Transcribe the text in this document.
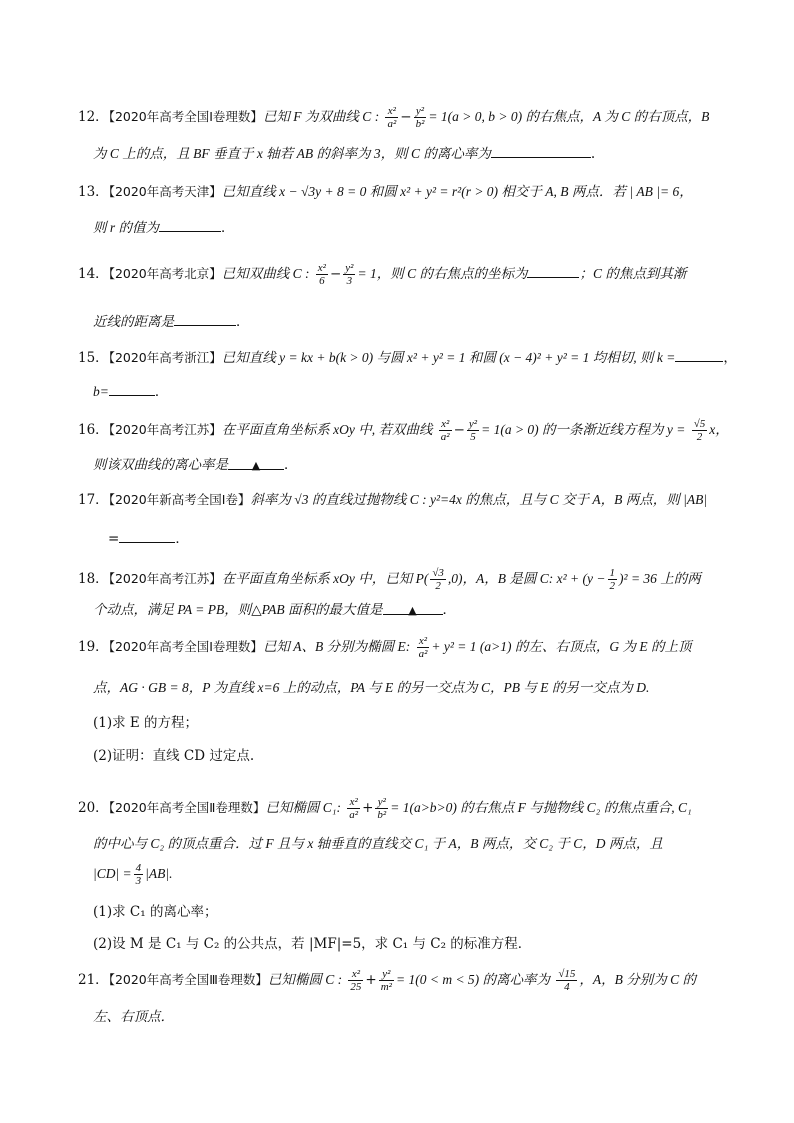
12．【2020年高考全国Ⅰ卷理数】已知 F 为双曲线 C : $\frac{\text{x²}}{\text{a²}} - \frac{\text{y²}}{\text{b²}} = 1(a > 0$, b > 0) 的右焦点，A 为 C 的右顶点，B
为 C 上的点，且 BF 垂直于 x 轴若 AB 的斜率为 3，则 C 的离心率为	.
13．【2020年高考天津】已知直线 x − √3y + 8 = 0 和圆 x² + y² = r²(r > 0) 相交于 A, B 两点．若 | AB |= 6，
则 r 的值为	．
14．【2020年高考北京】已知双曲线 C : $\frac{\text{x²}}{6} - \frac{\text{y²}}{3} = 1$，则 C 的右焦点的坐标为	；C 的焦点到其渐
近线的距离是	．
15．【2020年高考浙江】已知直线 y = kx + b(k > 0) 与圆 x² + y² = 1 和圆 (x − 4)² + y² = 1 均相切, 则 k =	，
b=	．
16．【2020年高考江苏】在平面直角坐标系 xOy 中, 若双曲线 $\frac{\text{x²}}{\text{a²}} - \frac{\text{y²}}{5} = 1(a > 0)$ 的一条渐近线方程为 $y = \frac{√5}{2}$ x，
则该双曲线的离心率是 ▲ ．
17．【2020年新高考全国Ⅰ卷】斜率为 √3 的直线过抛物线 C : y²=4x 的焦点，且与 C 交于 A，B 两点，则 |AB|
=	．
18．【2020年高考江苏】在平面直角坐标系 xOy 中，已知 $P( \frac{√3}{2} ,0)$，A，B 是圆 C: $x^2 + (y - \frac{1}{2} )^2 = 36$ 上的两
个动点，满足 PA = PB，则△PAB 面积的最大值是 ▲ ．
19．【2020年高考全国Ⅰ卷理数】已知 A、B 分别为椭圆 E: $\frac{\text{x²}}{\text{a²}} + y^2 = 1$ (a>1) 的左、右顶点，G 为 E 的上顶
点，AG · GB = 8，P 为直线 x=6 上的动点，PA 与 E 的另一交点为 C，PB 与 E 的另一交点为 D.
(1)求 E 的方程；
(2)证明：直线 CD 过定点.
20．【2020年高考全国Ⅱ卷理数】已知椭圆 C₁: $\frac{\text{x²}}{\text{a²}} + \frac{\text{y²}}{\text{b²}} = 1(a>b>0)$ 的右焦点 F 与抛物线 C₂ 的焦点重合, C₁
的中心与 C₂ 的顶点重合．过 F 且与 x 轴垂直的直线交 C₁ 于 A，B 两点，交 C₂ 于 C，D 两点，且
$|CD| = \frac{4}{3} |AB|$.
(1)求 C₁ 的离心率；
(2)设 M 是 C₁ 与 C₂ 的公共点，若 |MF|=5，求 C₁ 与 C₂ 的标准方程．
21．【2020年高考全国Ⅲ卷理数】已知椭圆 C : $\frac{\text{x²}}{25} + \frac{\text{y²}}{\text{m²}} = 1(0 < m < 5)$ 的离心率为 $\frac{√15}{4}$ ，A，B 分别为 C 的
左、右顶点．
